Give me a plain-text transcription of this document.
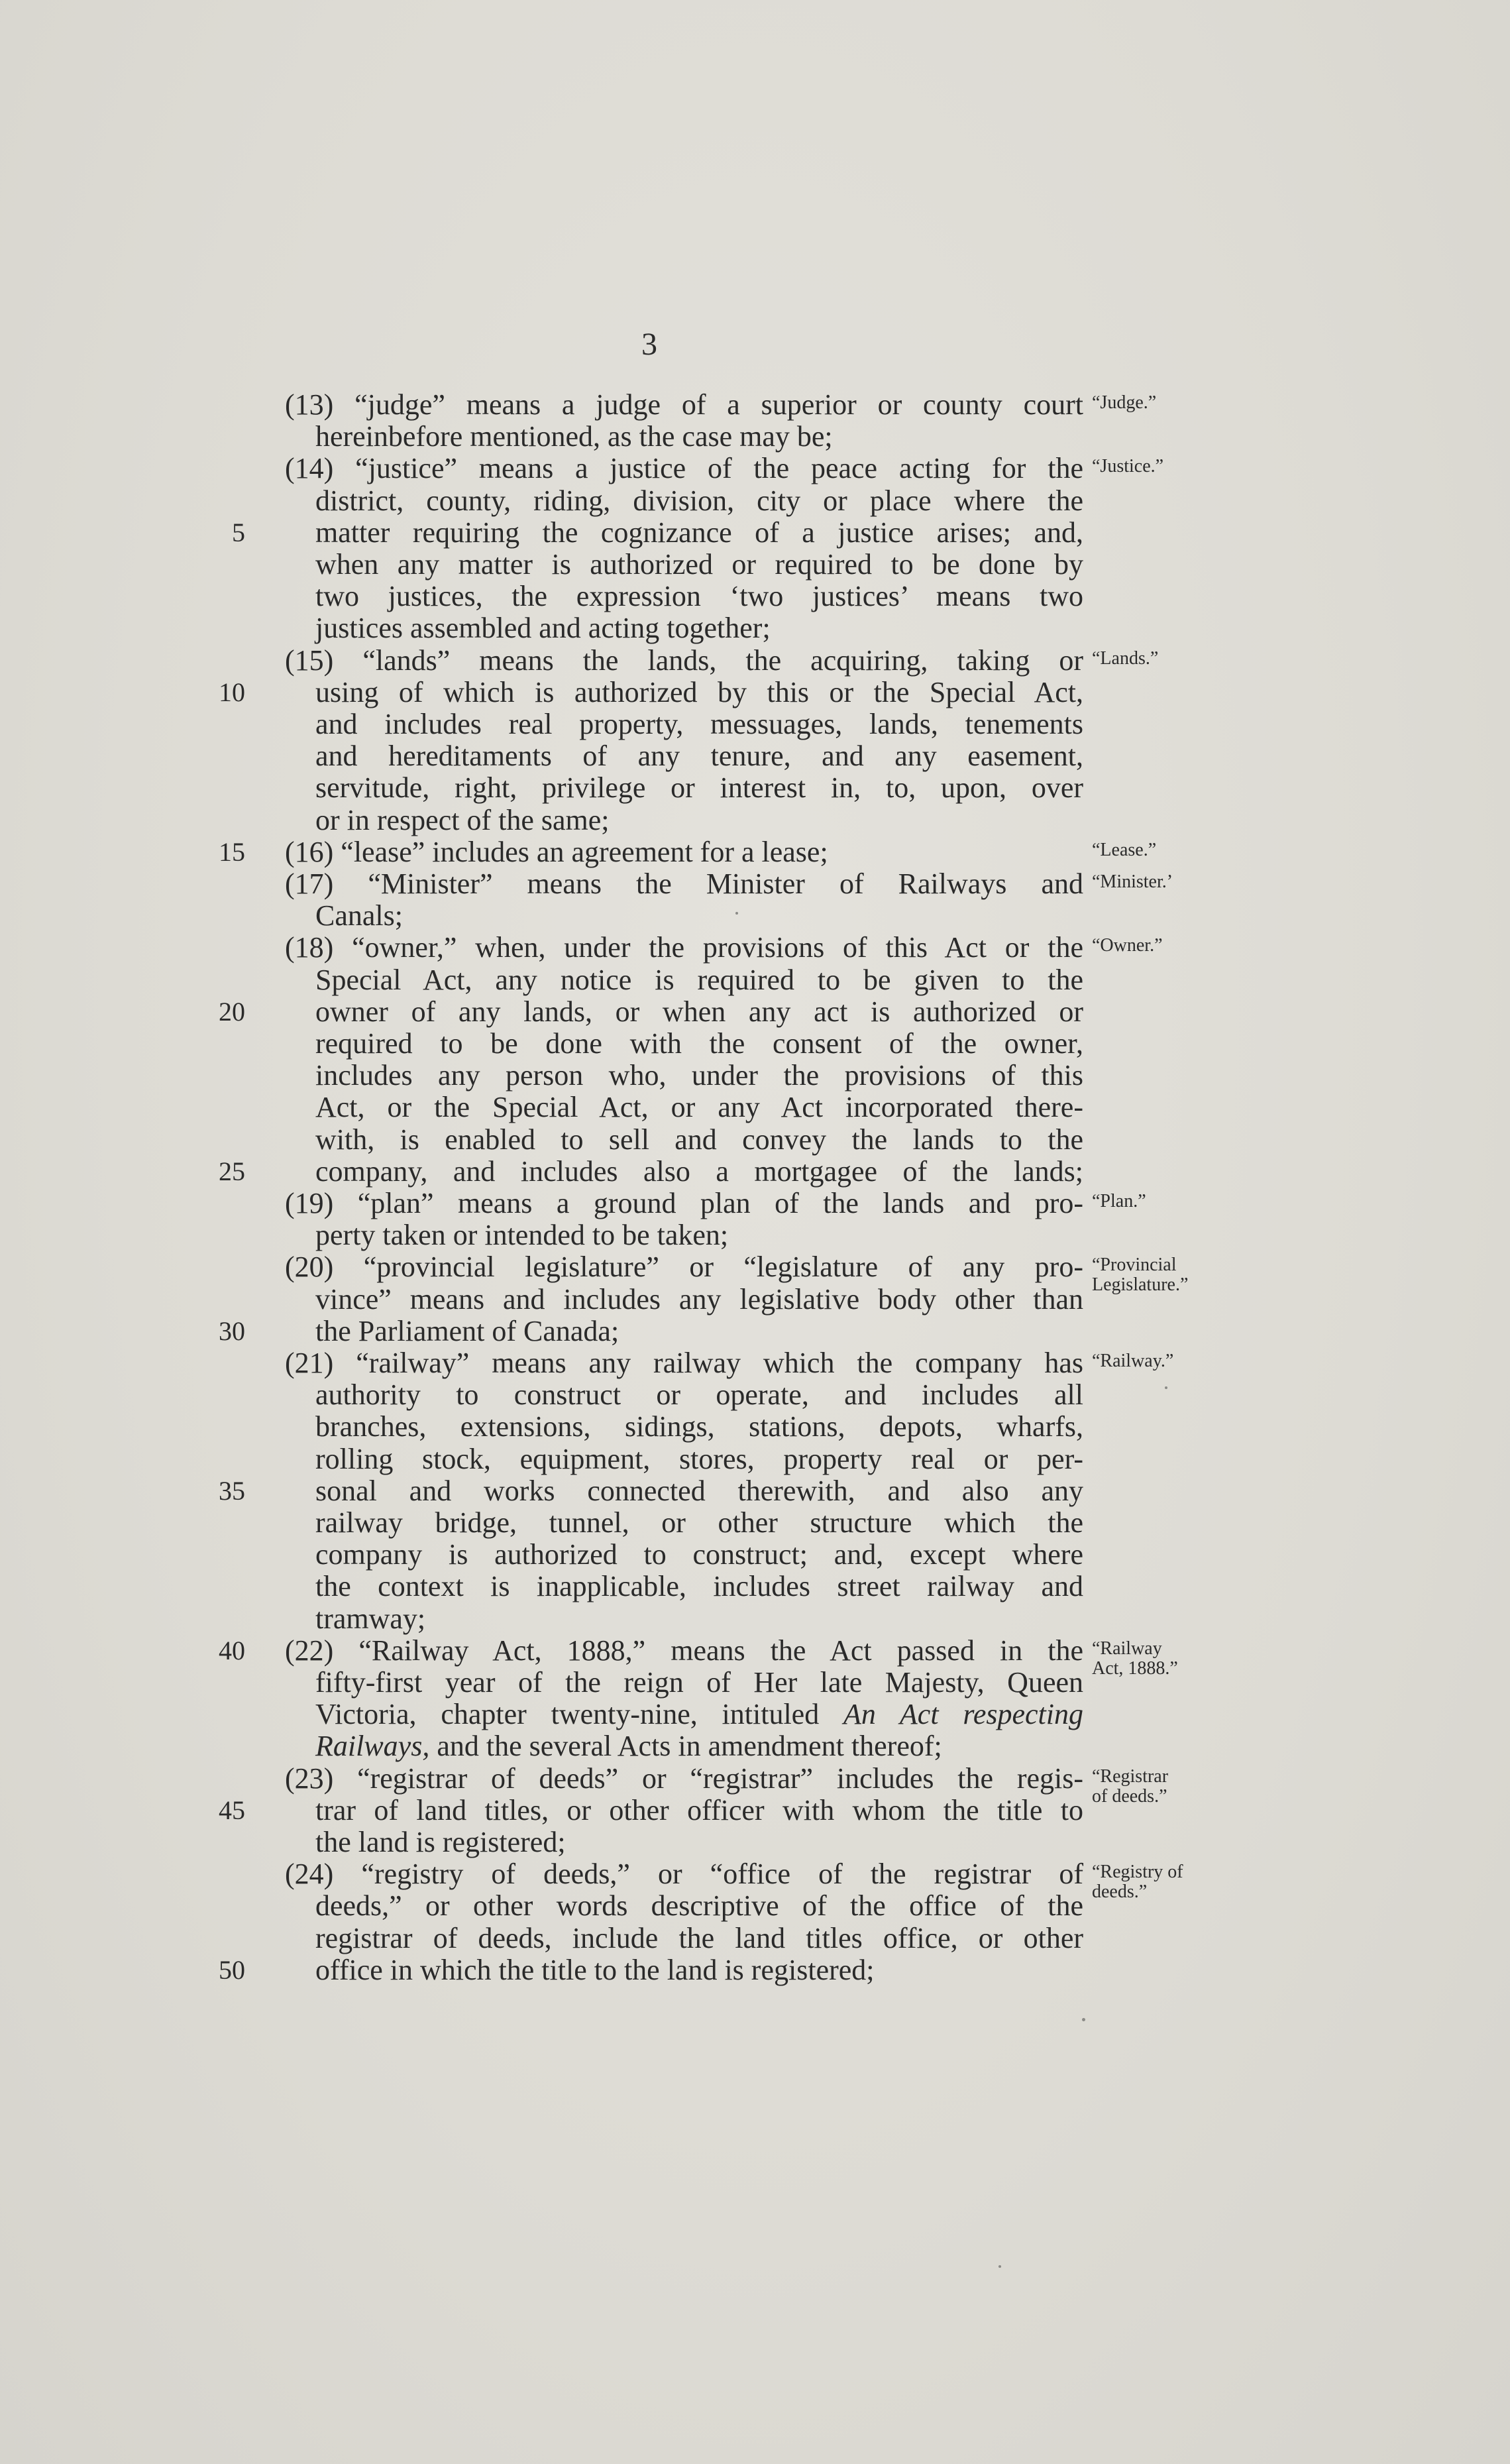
3
(13) “judge” means a judge of a superior or county court
hereinbefore mentioned, as the case may be;
(14) “justice” means a justice of the peace acting for the
district, county, riding, division, city or place where the
matter requiring the cognizance of a justice arises; and,
when any matter is authorized or required to be done by
two justices, the expression ‘two justices’ means two
justices assembled and acting together;
(15) “lands” means the lands, the acquiring, taking or
using of which is authorized by this or the Special Act,
and includes real property, messuages, lands, tenements
and hereditaments of any tenure, and any easement,
servitude, right, privilege or interest in, to, upon, over
or in respect of the same;
(16) “lease” includes an agreement for a lease;
(17) “Minister” means the Minister of Railways and
Canals;
(18) “owner,” when, under the provisions of this Act or the
Special Act, any notice is required to be given to the
owner of any lands, or when any act is authorized or
required to be done with the consent of the owner,
includes any person who, under the provisions of this
Act, or the Special Act, or any Act incorporated there-
with, is enabled to sell and convey the lands to the
company, and includes also a mortgagee of the lands;
(19) “plan” means a ground plan of the lands and pro-
perty taken or intended to be taken;
(20) “provincial legislature” or “legislature of any pro-
vince” means and includes any legislative body other than
the Parliament of Canada;
(21) “railway” means any railway which the company has
authority to construct or operate, and includes all
branches, extensions, sidings, stations, depots, wharfs,
rolling stock, equipment, stores, property real or per-
sonal and works connected therewith, and also any
railway bridge, tunnel, or other structure which the
company is authorized to construct; and, except where
the context is inapplicable, includes street railway and
tramway;
(22) “Railway Act, 1888,” means the Act passed in the
fifty-first year of the reign of Her late Majesty, Queen
Victoria, chapter twenty-nine, intituled An Act respecting
Railways, and the several Acts in amendment thereof;
(23) “registrar of deeds” or “registrar” includes the regis-
trar of land titles, or other officer with whom the title to
the land is registered;
(24) “registry of deeds,” or “office of the registrar of
deeds,” or other words descriptive of the office of the
registrar of deeds, include the land titles office, or other
office in which the title to the land is registered;
5
10
15
20
25
30
35
40
45
50
“Judge.”
“Justice.”
“Lands.”
“Lease.”
“Minister.’
“Owner.”
“Plan.”
“Provincial
Legislature.”
“Railway.”
“Railway
Act, 1888.”
“Registrar
of deeds.”
“Registry of
deeds.”
